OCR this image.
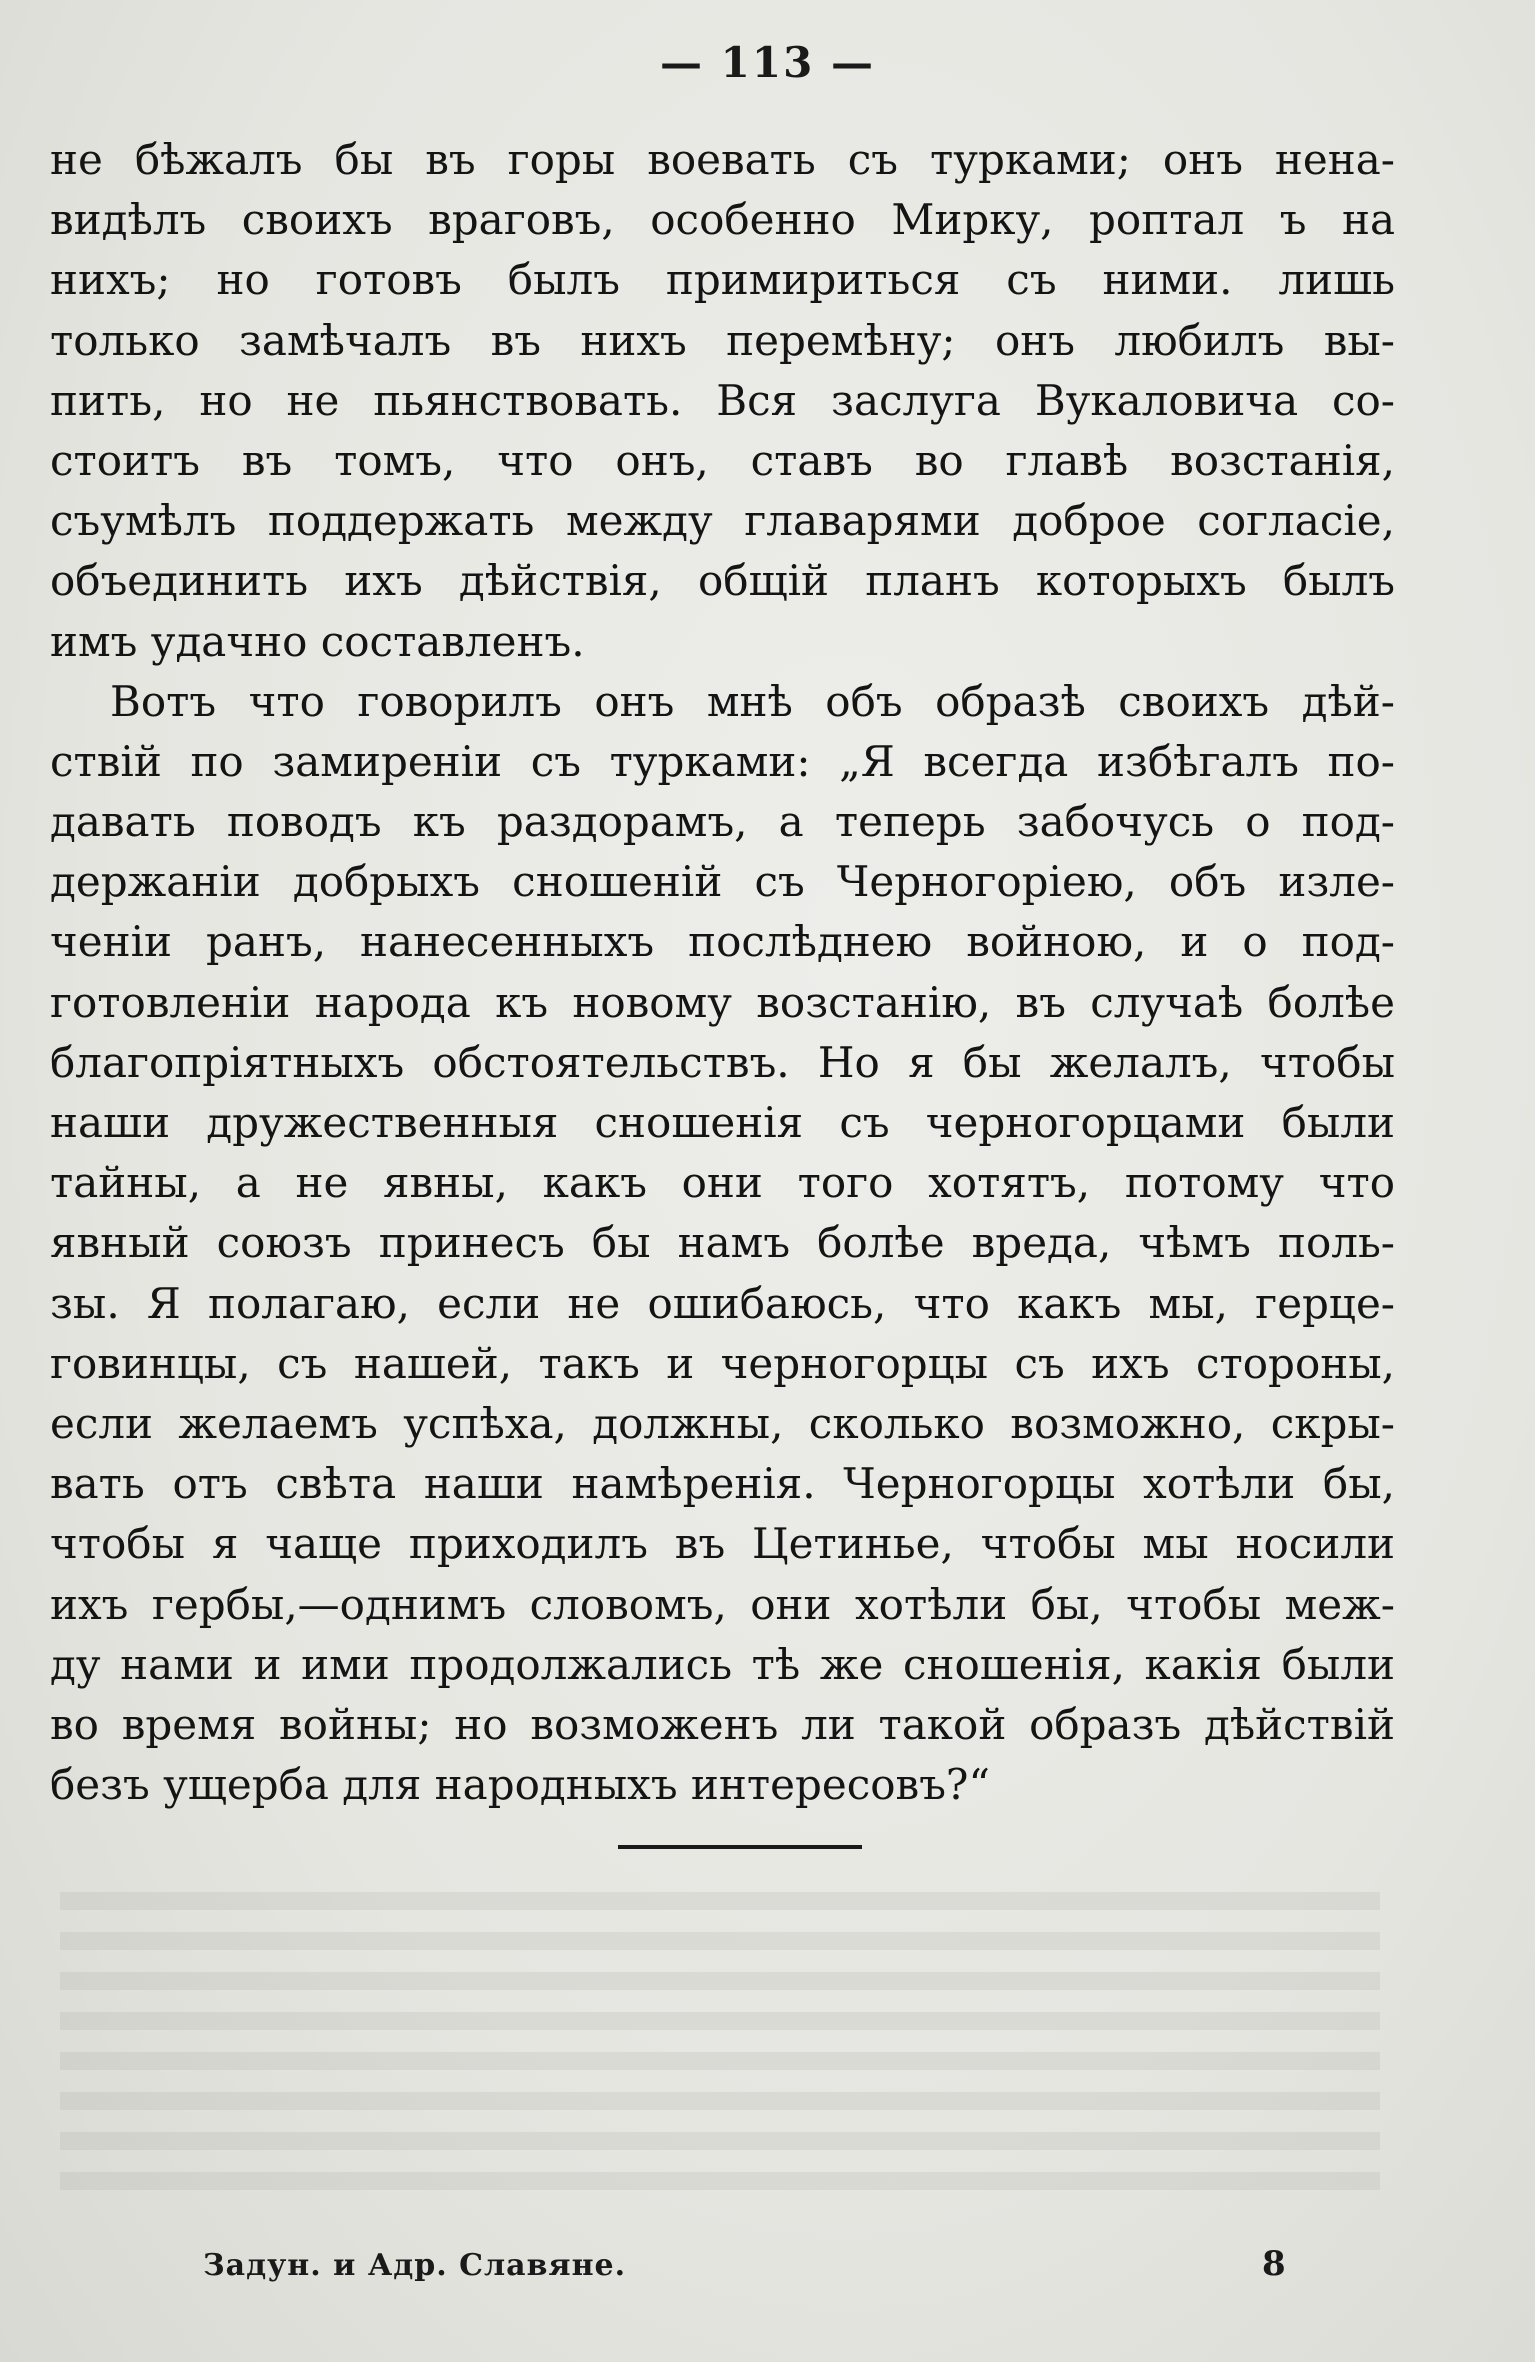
— 113 —
не бѣжалъ бы въ горы воевать съ турками; онъ нена-
видѣлъ своихъ враговъ, особенно Мирку, роптал ъ на
нихъ; но готовъ былъ примириться съ ними. лишь
только замѣчалъ въ нихъ перемѣну; онъ любилъ вы-
пить, но не пьянствовать. Вся заслуга Вукаловича со-
стоитъ въ томъ, что онъ, ставъ во главѣ возстанія,
съумѣлъ поддержать между главарями доброе согласіе,
объединить ихъ дѣйствія, общій планъ которыхъ былъ
имъ удачно составленъ.
Вотъ что говорилъ онъ мнѣ объ образѣ своихъ дѣй-
ствій по замиреніи съ турками: „Я всегда избѣгалъ по-
давать поводъ къ раздорамъ, а теперь забочусь о под-
держаніи добрыхъ сношеній съ Черногоріею, объ изле-
ченіи ранъ, нанесенныхъ послѣднею войною, и о под-
готовленіи народа къ новому возстанію, въ случаѣ болѣе
благопріятныхъ обстоятельствъ. Но я бы желалъ, чтобы
наши дружественныя сношенія съ черногорцами были
тайны, а не явны, какъ они того хотятъ, потому что
явный союзъ принесъ бы намъ болѣе вреда, чѣмъ поль-
зы. Я полагаю, если не ошибаюсь, что какъ мы, герце-
говинцы, съ нашей, такъ и черногорцы съ ихъ стороны,
если желаемъ успѣха, должны, сколько возможно, скры-
вать отъ свѣта наши намѣренія. Черногорцы хотѣли бы,
чтобы я чаще приходилъ въ Цетинье, чтобы мы носили
ихъ гербы,—однимъ словомъ, они хотѣли бы, чтобы меж-
ду нами и ими продолжались тѣ же сношенія, какія были
во время войны; но возможенъ ли такой образъ дѣйствій
безъ ущерба для народныхъ интересовъ?“
Задун. и Адр. Славяне.	8
